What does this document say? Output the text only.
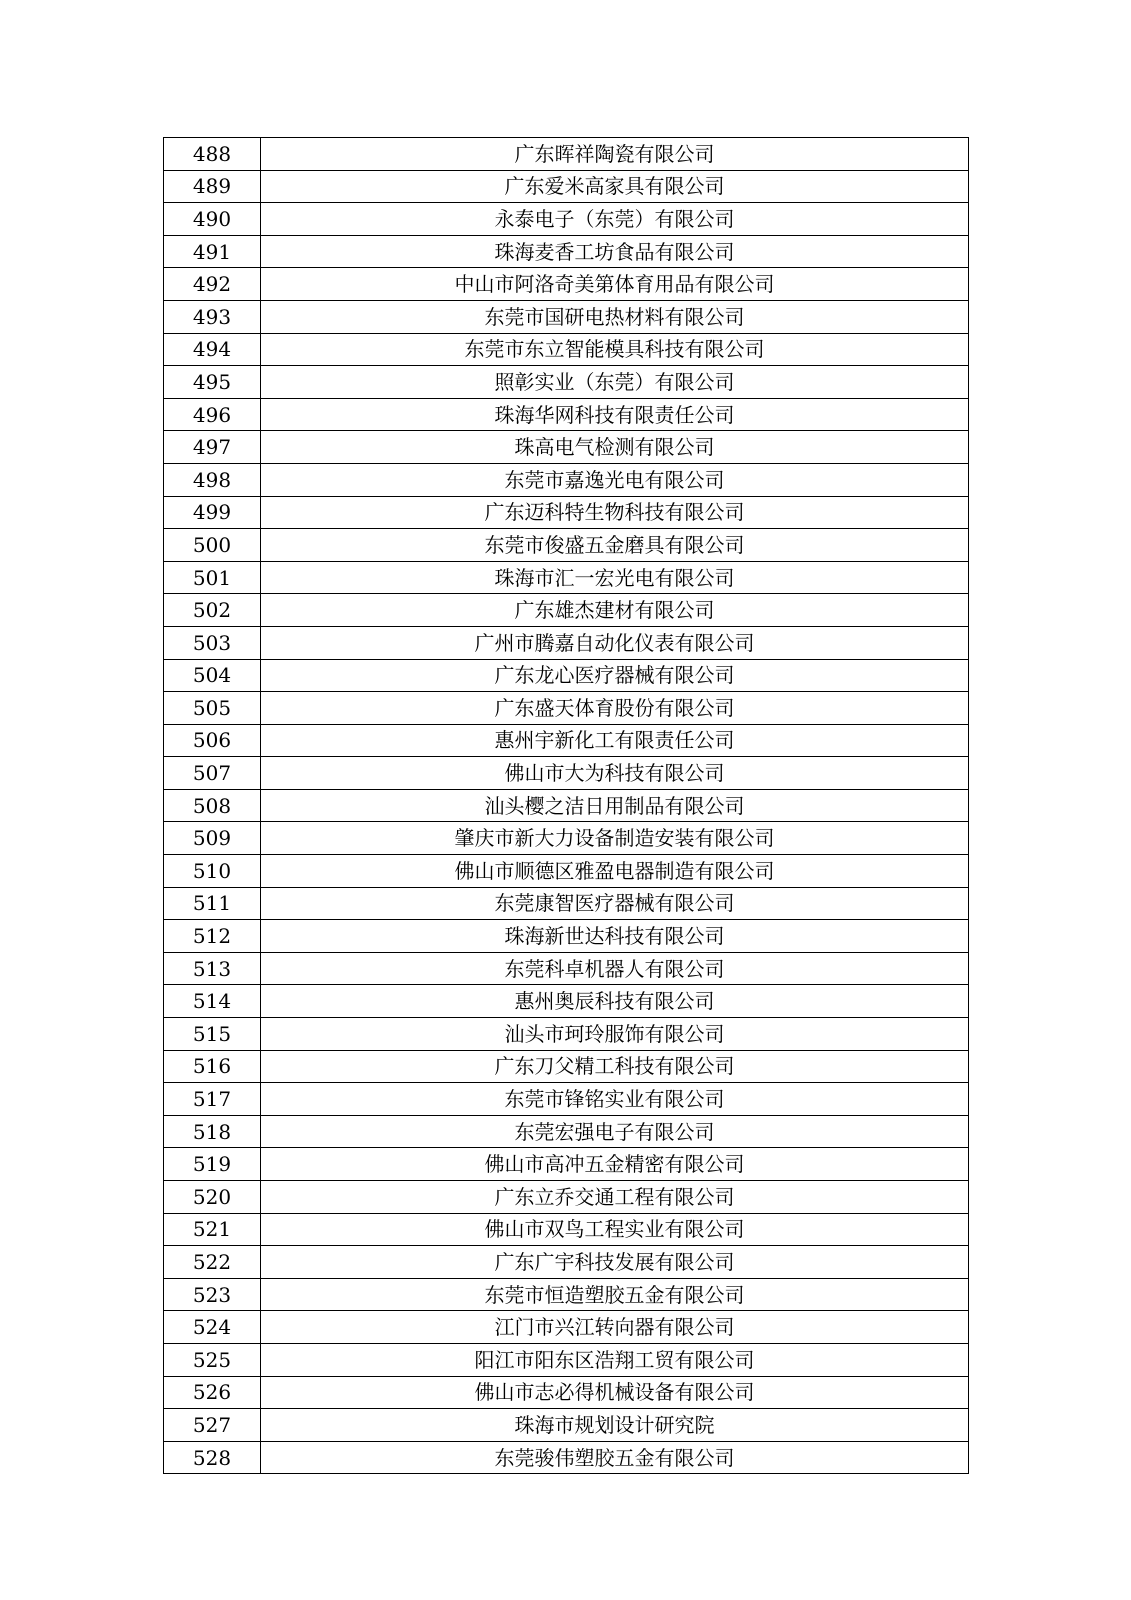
488	广东晖祥陶瓷有限公司
489	广东爱米高家具有限公司
490	永泰电子（东莞）有限公司
491	珠海麦香工坊食品有限公司
492	中山市阿洛奇美第体育用品有限公司
493	东莞市国研电热材料有限公司
494	东莞市东立智能模具科技有限公司
495	照彰实业（东莞）有限公司
496	珠海华网科技有限责任公司
497	珠高电气检测有限公司
498	东莞市嘉逸光电有限公司
499	广东迈科特生物科技有限公司
500	东莞市俊盛五金磨具有限公司
501	珠海市汇一宏光电有限公司
502	广东雄杰建材有限公司
503	广州市腾嘉自动化仪表有限公司
504	广东龙心医疗器械有限公司
505	广东盛天体育股份有限公司
506	惠州宇新化工有限责任公司
507	佛山市大为科技有限公司
508	汕头樱之洁日用制品有限公司
509	肇庆市新大力设备制造安装有限公司
510	佛山市顺德区雅盈电器制造有限公司
511	东莞康智医疗器械有限公司
512	珠海新世达科技有限公司
513	东莞科卓机器人有限公司
514	惠州奥辰科技有限公司
515	汕头市珂玲服饰有限公司
516	广东刀父精工科技有限公司
517	东莞市锋铭实业有限公司
518	东莞宏强电子有限公司
519	佛山市高冲五金精密有限公司
520	广东立乔交通工程有限公司
521	佛山市双鸟工程实业有限公司
522	广东广宇科技发展有限公司
523	东莞市恒造塑胶五金有限公司
524	江门市兴江转向器有限公司
525	阳江市阳东区浩翔工贸有限公司
526	佛山市志必得机械设备有限公司
527	珠海市规划设计研究院
528	东莞骏伟塑胶五金有限公司
